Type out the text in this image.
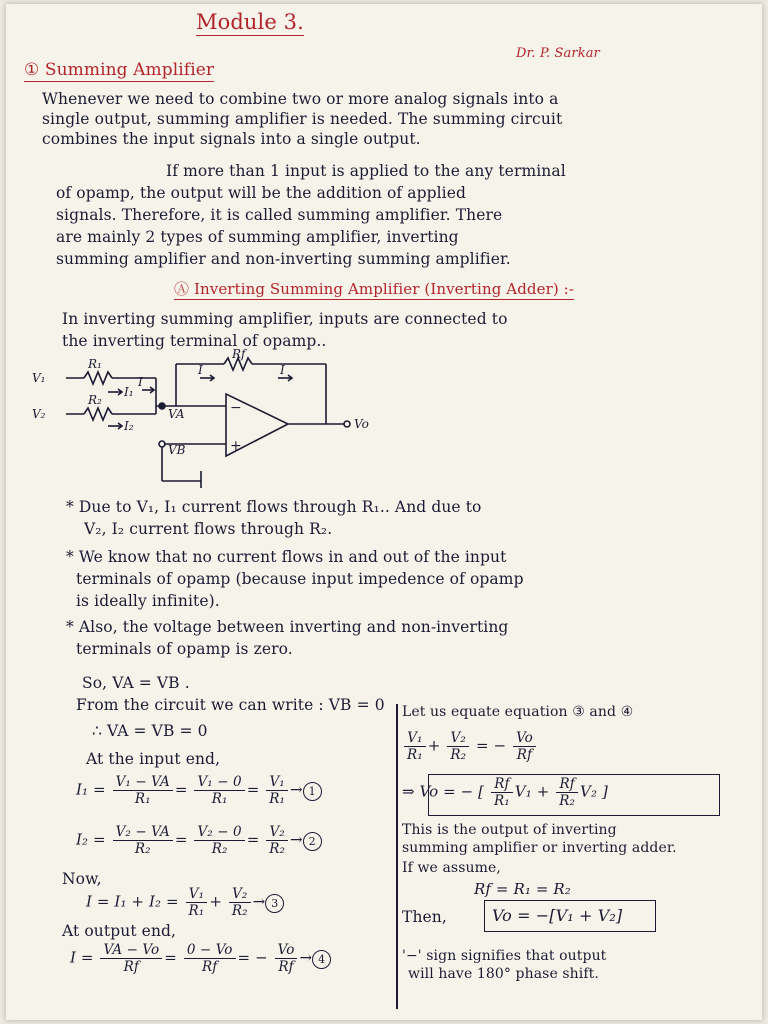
Module 3.
Dr. P. Sarkar
① Summing Amplifier
Whenever we need to combine two or more analog signals into a
single output, summing amplifier is needed. The summing circuit
combines the input signals into a single output.
If more than 1 input is applied to the any terminal
of opamp, the output will be the addition of applied
signals. Therefore, it is called summing amplifier. There
are mainly 2 types of summing amplifier, inverting
summing amplifier and non-inverting summing amplifier.
Ⓐ Inverting Summing Amplifier (Inverting Adder) :-
In inverting summing amplifier, inputs are connected to
the inverting terminal of opamp..
V₁
V₂
R₁
R₂
I₁
I₂
I
I	I
Rf
VA
VB
Vo
−
+
* Due to V₁, I₁ current flows through R₁.. And due to
V₂, I₂ current flows through R₂.
* We know that no current flows in and out of the input
terminals of opamp (because input impedence of opamp
is ideally infinite).
* Also, the voltage between inverting and non-inverting
terminals of opamp is zero.
So, VA = VB .
From the circuit we can write : VB = 0
∴ VA = VB = 0
At the input end,
$I_1 = \frac{\text{V₁ − VA}}{\text{R₁}} = \frac{\text{V₁ − 0}}{\text{R₁}} = \frac{\text{V₁}}{\text{R₁}} \to 1$
$I_2 = \frac{\text{V₂ − VA}}{\text{R₂}} = \frac{\text{V₂ − 0}}{\text{R₂}} = \frac{\text{V₂}}{\text{R₂}} \to 2$
Now,
$I = I_1 + I_2 = \frac{\text{V₁}}{\text{R₁}} + \frac{\text{V₂}}{\text{R₂}} \to 3$
At output end,
$I = \frac{VA - Vo}{Rf} = \frac{0 - Vo}{Rf}$ = − $\frac{Vo}{Rf} \to 4$
Let us equate equation ③ and ④
$\frac{\text{V₁}}{\text{R₁}} + \frac{\text{V₂}}{\text{R₂}}$ = − $\frac{Vo}{Rf}$
⇒ Vo = − [ $\frac{Rf}{\text{R₁}} V_1 + \frac{Rf}{\text{R₂}} V_2$ ]
This is the output of inverting
summing amplifier or inverting adder.
If we assume,
Rf = R₁ = R₂
Then,	Vo = −[V₁ + V₂]
'−' sign signifies that output
will have 180° phase shift.
